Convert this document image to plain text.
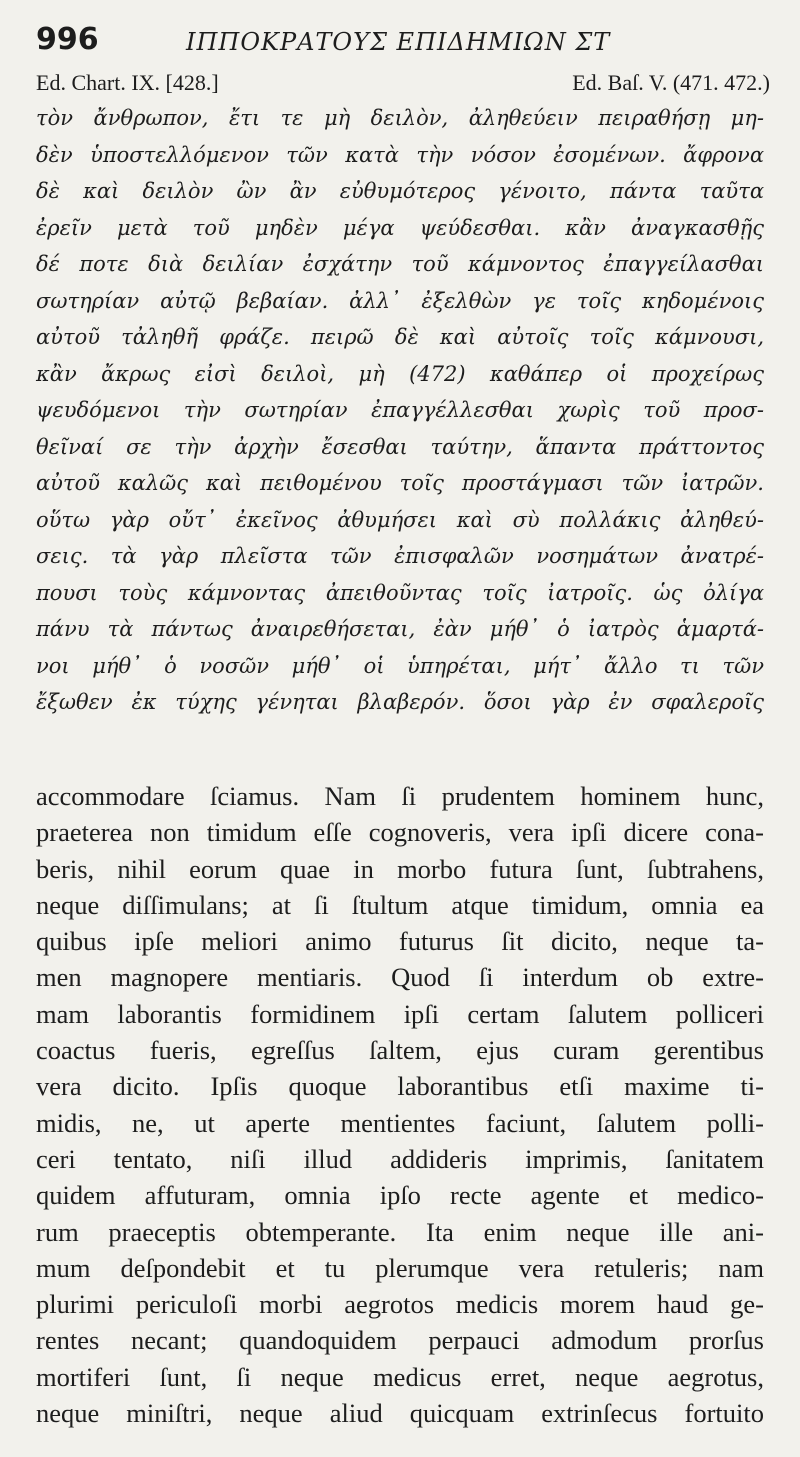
996	ΙΠΠΟΚΡΑΤΟΥΣ ΕΠΙΔΗΜΙΩΝ ΣΤ
Ed. Chart. IX. [428.]	Ed. Baſ. V. (471. 472.)
τὸν ἄνθρωπον, ἔτι τε μὴ δειλὸν, ἀληθεύειν πειραθήσῃ μη-
δὲν ὑποστελλόμενον τῶν κατὰ τὴν νόσον ἐσομένων. ἄφρονα
δὲ καὶ δειλὸν ὢν ἂν εὐθυμότερος γένοιτο, πάντα ταῦτα
ἐρεῖν μετὰ τοῦ μηδὲν μέγα ψεύδεσθαι. κἂν ἀναγκασθῇς
δέ ποτε διὰ δειλίαν ἐσχάτην τοῦ κάμνοντος ἐπαγγείλασθαι
σωτηρίαν αὐτῷ βεβαίαν. ἀλλ᾽ ἐξελθὼν γε τοῖς κηδομένοις
αὐτοῦ τἀληθῆ φράζε. πειρῶ δὲ καὶ αὐτοῖς τοῖς κάμνουσι,
κἂν ἄκρως εἰσὶ δειλοὶ, μὴ (472) καθάπερ οἱ προχείρως
ψευδόμενοι τὴν σωτηρίαν ἐπαγγέλλεσθαι χωρὶς τοῦ προσ-
θεῖναί σε τὴν ἀρχὴν ἔσεσθαι ταύτην, ἅπαντα πράττοντος
αὐτοῦ καλῶς καὶ πειθομένου τοῖς προστάγμασι τῶν ἰατρῶν.
οὕτω γὰρ οὔτ᾽ ἐκεῖνος ἀθυμήσει καὶ σὺ πολλάκις ἀληθεύ-
σεις. τὰ γὰρ πλεῖστα τῶν ἐπισφαλῶν νοσημάτων ἀνατρέ-
πουσι τοὺς κάμνοντας ἀπειθοῦντας τοῖς ἰατροῖς. ὡς ὀλίγα
πάνυ τὰ πάντως ἀναιρεθήσεται, ἐὰν μήθ᾽ ὁ ἰατρὸς ἁμαρτά-
νοι μήθ᾽ ὁ νοσῶν μήθ᾽ οἱ ὑπηρέται, μήτ᾽ ἄλλο τι τῶν
ἔξωθεν ἐκ τύχης γένηται βλαβερόν. ὅσοι γὰρ ἐν σφαλεροῖς
accommodare ſciamus. Nam ſi prudentem hominem hunc,
praeterea non timidum eſſe cognoveris, vera ipſi dicere cona-
beris, nihil eorum quae in morbo futura ſunt, ſubtrahens,
neque diſſimulans; at ſi ſtultum atque timidum, omnia ea
quibus ipſe meliori animo futurus ſit dicito, neque ta-
men magnopere mentiaris. Quod ſi interdum ob extre-
mam laborantis formidinem ipſi certam ſalutem polliceri
coactus fueris, egreſſus ſaltem, ejus curam gerentibus
vera dicito. Ipſis quoque laborantibus etſi maxime ti-
midis, ne, ut aperte mentientes faciunt, ſalutem polli-
ceri tentato, niſi illud addideris imprimis, ſanitatem
quidem affuturam, omnia ipſo recte agente et medico-
rum praeceptis obtemperante. Ita enim neque ille ani-
mum deſpondebit et tu plerumque vera retuleris; nam
plurimi periculoſi morbi aegrotos medicis morem haud ge-
rentes necant; quandoquidem perpauci admodum prorſus
mortiferi ſunt, ſi neque medicus erret, neque aegrotus,
neque miniſtri, neque aliud quicquam extrinſecus fortuito
